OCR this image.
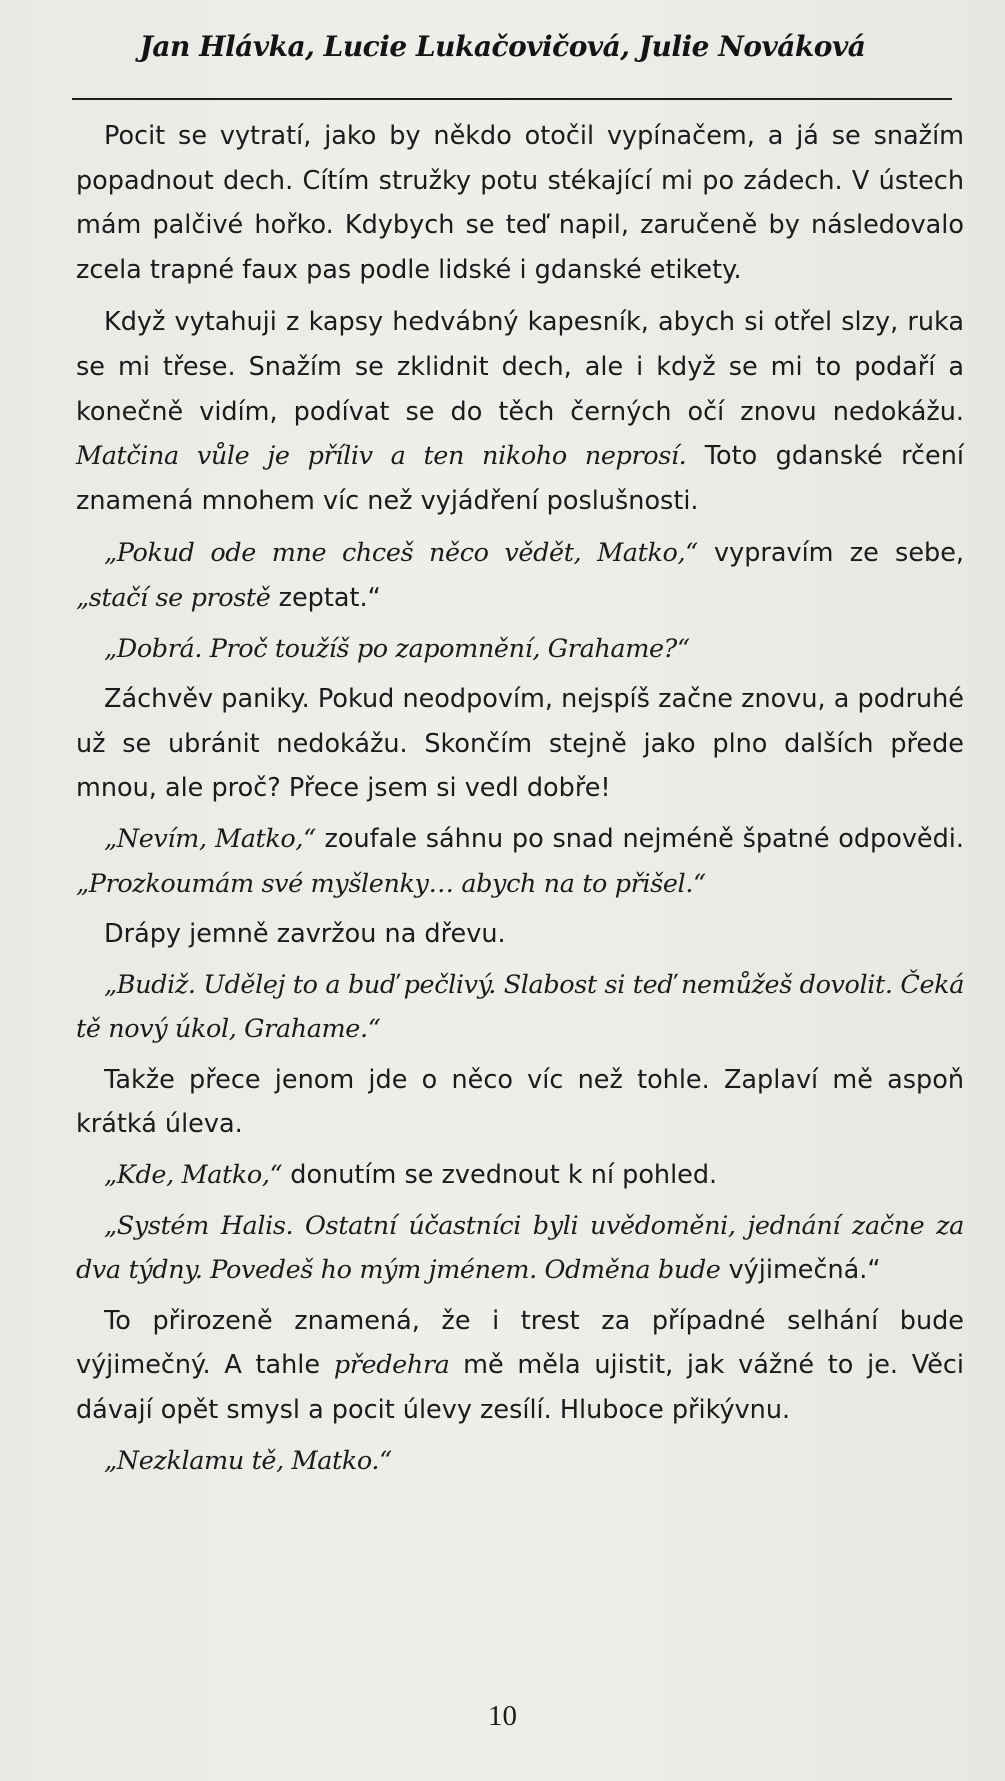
Jan Hlávka, Lucie Lukačovičová, Julie Nováková

Pocit se vytratí, jako by někdo otočil vypínačem, a já se snažím popadnout dech. Cítím stružky potu stékající mi po zádech. V ústech mám palčivé hořko. Kdybych se teď napil, zaručeně by následovalo zcela trapné faux pas podle lidské i gdanské etikety.

Když vytahuji z kapsy hedvábný kapesník, abych si otřel slzy, ruka se mi třese. Snažím se zklidnit dech, ale i když se mi to podaří a konečně vidím, podívat se do těch černých očí znovu nedokážu. Matčina vůle je příliv a ten nikoho neprosí. Toto gdanské rčení znamená mnohem víc než vyjádření poslušnosti.

„Pokud ode mne chceš něco vědět, Matko,“ vypravím ze sebe, „stačí se prostě zeptat.“

„Dobrá. Proč toužíš po zapomnění, Grahame?“

Záchvěv paniky. Pokud neodpovím, nejspíš začne znovu, a podruhé už se ubránit nedokážu. Skončím stejně jako plno dalších přede mnou, ale proč? Přece jsem si vedl dobře!

„Nevím, Matko,“ zoufale sáhnu po snad nejméně špatné odpovědi. „Prozkoumám své myšlenky… abych na to přišel.“

Drápy jemně zavržou na dřevu.

„Budiž. Udělej to a buď pečlivý. Slabost si teď nemůžeš dovolit. Čeká tě nový úkol, Grahame.“

Takže přece jenom jde o něco víc než tohle. Zaplaví mě aspoň krátká úleva.

„Kde, Matko,“ donutím se zvednout k ní pohled.

„Systém Halis. Ostatní účastníci byli uvědoměni, jednání začne za dva týdny. Povedeš ho mým jménem. Odměna bude výjimečná.“

To přirozeně znamená, že i trest za případné selhání bude výjimečný. A tahle předehra mě měla ujistit, jak vážné to je. Věci dávají opět smysl a pocit úlevy zesílí. Hluboce přikývnu.

„Nezklamu tě, Matko.“

10
